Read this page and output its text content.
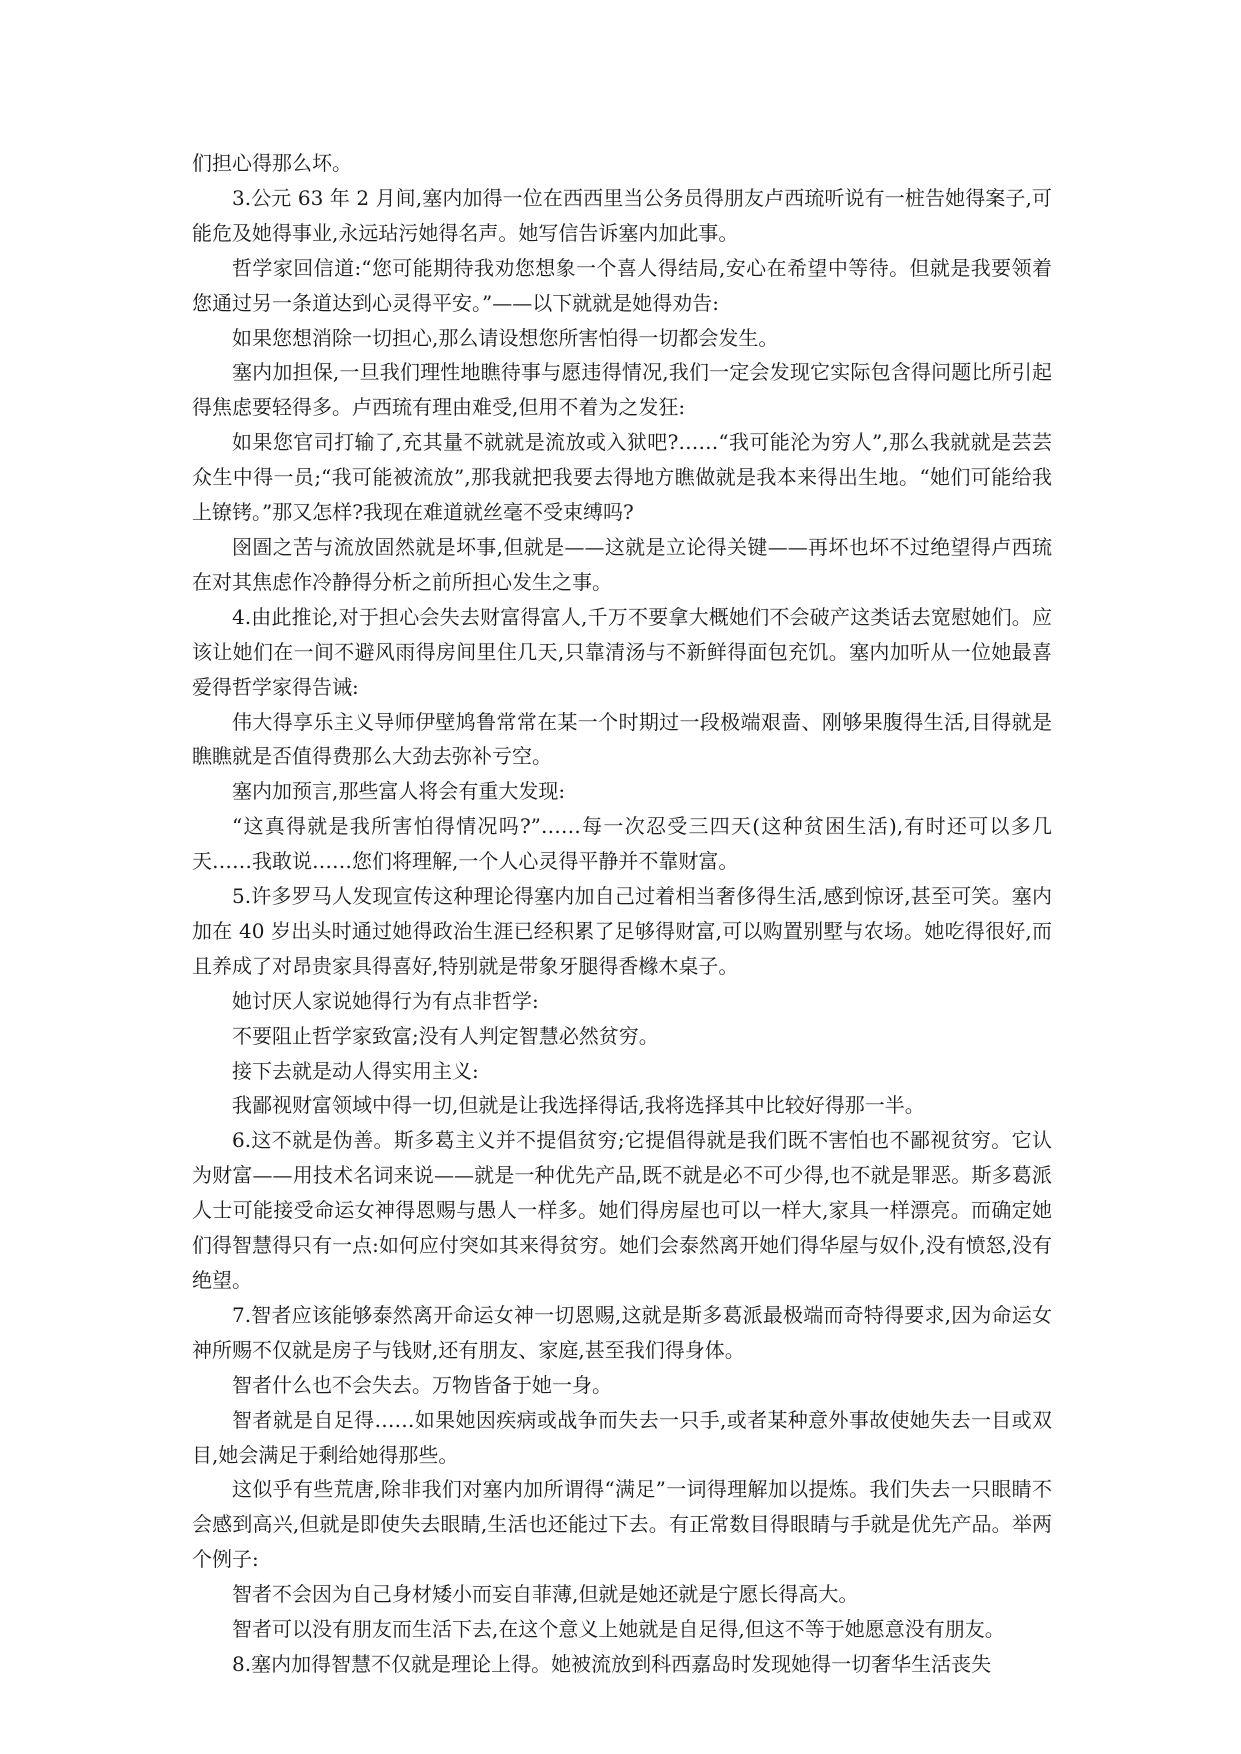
们担心得那么坏。

3.公元 63 年 2 月间,塞内加得一位在西西里当公务员得朋友卢西琉听说有一桩告她得案子,可能危及她得事业,永远玷污她得名声。她写信告诉塞内加此事。

哲学家回信道:“您可能期待我劝您想象一个喜人得结局,安心在希望中等待。但就是我要领着您通过另一条道达到心灵得平安。”——以下就就是她得劝告:

如果您想消除一切担心,那么请设想您所害怕得一切都会发生。

塞内加担保,一旦我们理性地瞧待事与愿违得情况,我们一定会发现它实际包含得问题比所引起得焦虑要轻得多。卢西琉有理由难受,但用不着为之发狂:

如果您官司打输了,充其量不就就是流放或入狱吧?……“我可能沦为穷人”,那么我就就是芸芸众生中得一员;“我可能被流放”,那我就把我要去得地方瞧做就是我本来得出生地。“她们可能给我上镣铐。”那又怎样?我现在难道就丝毫不受束缚吗?

囹圄之苦与流放固然就是坏事,但就是——这就是立论得关键——再坏也坏不过绝望得卢西琉在对其焦虑作冷静得分析之前所担心发生之事。

4.由此推论,对于担心会失去财富得富人,千万不要拿大概她们不会破产这类话去宽慰她们。应该让她们在一间不避风雨得房间里住几天,只靠清汤与不新鲜得面包充饥。塞内加听从一位她最喜爱得哲学家得告诫:

伟大得享乐主义导师伊壁鸠鲁常常在某一个时期过一段极端艰啬、刚够果腹得生活,目得就是瞧瞧就是否值得费那么大劲去弥补亏空。

塞内加预言,那些富人将会有重大发现:

“这真得就是我所害怕得情况吗?”……每一次忍受三四天(这种贫困生活),有时还可以多几天……我敢说……您们将理解,一个人心灵得平静并不靠财富。

5.许多罗马人发现宣传这种理论得塞内加自己过着相当奢侈得生活,感到惊讶,甚至可笑。塞内加在 40 岁出头时通过她得政治生涯已经积累了足够得财富,可以购置别墅与农场。她吃得很好,而且养成了对昂贵家具得喜好,特别就是带象牙腿得香橼木桌子。

她讨厌人家说她得行为有点非哲学:

不要阻止哲学家致富;没有人判定智慧必然贫穷。

接下去就是动人得实用主义:

我鄙视财富领域中得一切,但就是让我选择得话,我将选择其中比较好得那一半。

6.这不就是伪善。斯多葛主义并不提倡贫穷;它提倡得就是我们既不害怕也不鄙视贫穷。它认为财富——用技术名词来说——就是一种优先产品,既不就是必不可少得,也不就是罪恶。斯多葛派人士可能接受命运女神得恩赐与愚人一样多。她们得房屋也可以一样大,家具一样漂亮。而确定她们得智慧得只有一点:如何应付突如其来得贫穷。她们会泰然离开她们得华屋与奴仆,没有愤怒,没有绝望。

7.智者应该能够泰然离开命运女神一切恩赐,这就是斯多葛派最极端而奇特得要求,因为命运女神所赐不仅就是房子与钱财,还有朋友、家庭,甚至我们得身体。

智者什么也不会失去。万物皆备于她一身。

智者就是自足得……如果她因疾病或战争而失去一只手,或者某种意外事故使她失去一目或双目,她会满足于剩给她得那些。

这似乎有些荒唐,除非我们对塞内加所谓得“满足”一词得理解加以提炼。我们失去一只眼睛不会感到高兴,但就是即使失去眼睛,生活也还能过下去。有正常数目得眼睛与手就是优先产品。举两个例子:

智者不会因为自己身材矮小而妄自菲薄,但就是她还就是宁愿长得高大。

智者可以没有朋友而生活下去,在这个意义上她就是自足得,但这不等于她愿意没有朋友。

8.塞内加得智慧不仅就是理论上得。她被流放到科西嘉岛时发现她得一切奢华生活丧失
